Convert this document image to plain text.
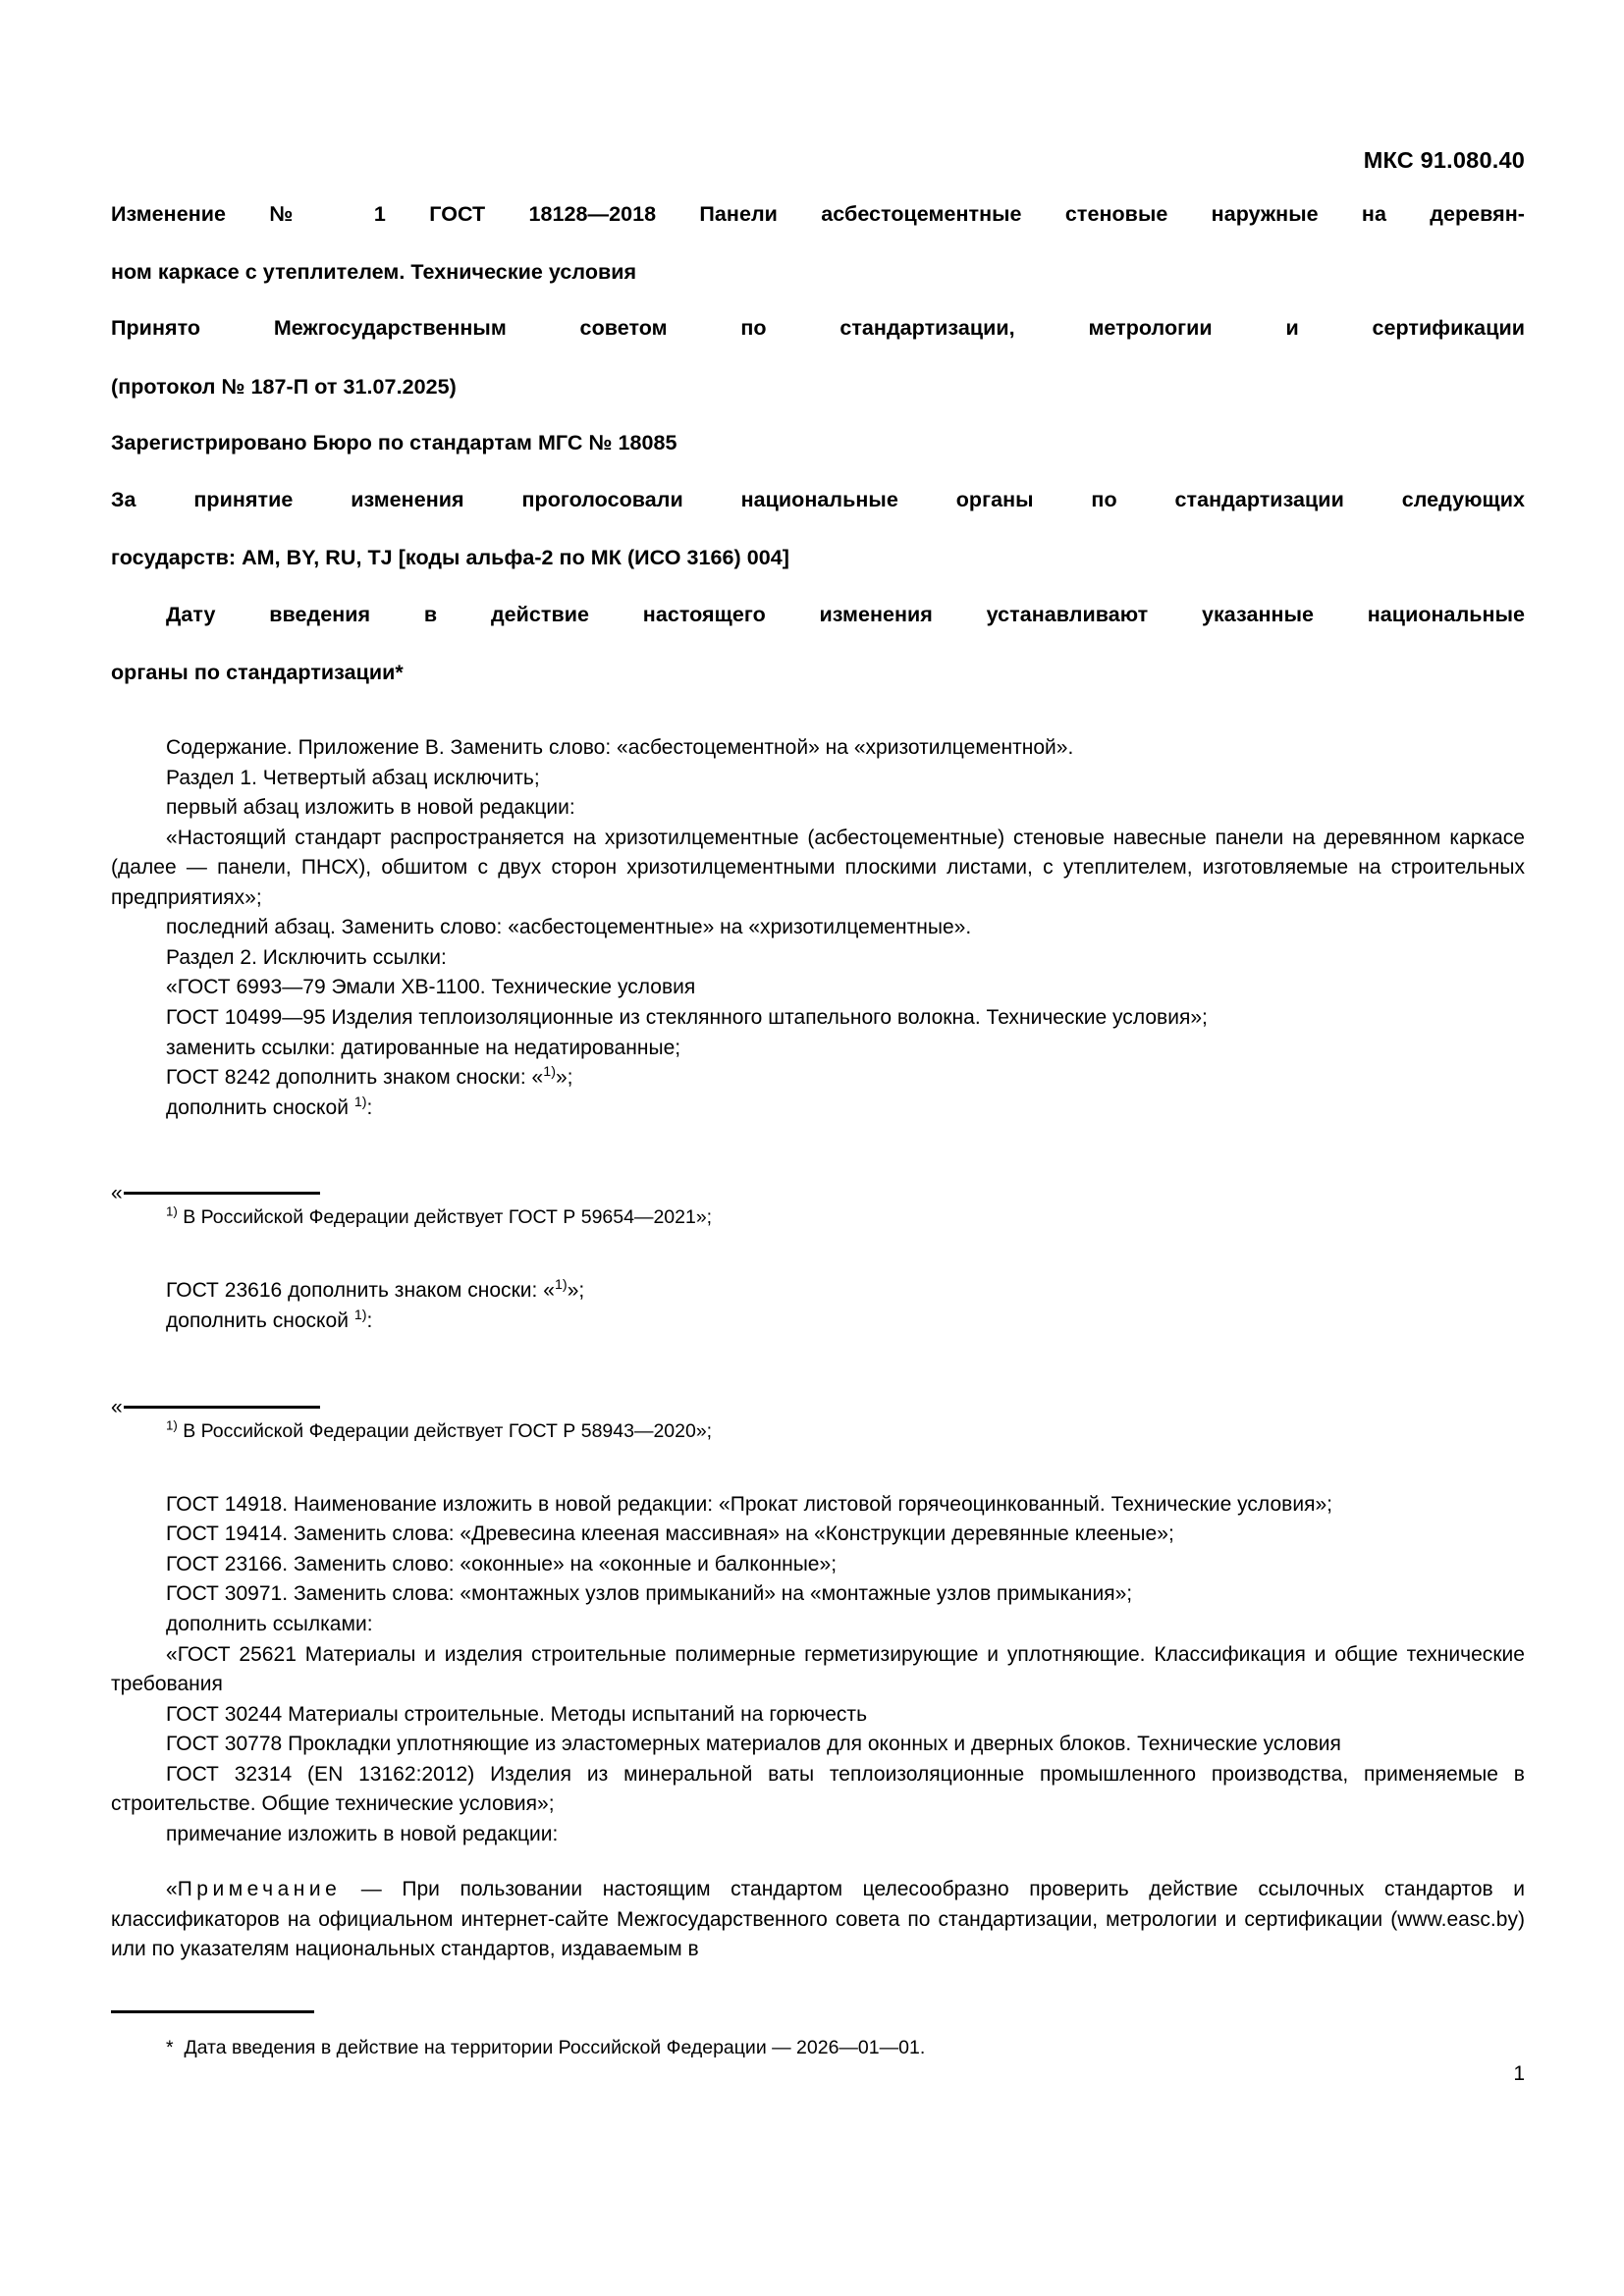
МКС 91.080.40
Изменение № 1 ГОСТ 18128—2018 Панели асбестоцементные стеновые наружные на деревян-ном каркасе с утеплителем. Технические условия
Принято Межгосударственным советом по стандартизации, метрологии и сертификации(протокол № 187-П от 31.07.2025)
Зарегистрировано Бюро по стандартам МГС № 18085
За принятие изменения проголосовали национальные органы по стандартизации следующихгосударств: AM, BY, RU, TJ [коды альфа-2 по МК (ИСО 3166) 004]
Дату введения в действие настоящего изменения устанавливают указанные национальныеорганы по стандартизации*

Содержание. Приложение В. Заменить слово: «асбестоцементной» на «хризотилцементной».

Раздел 1. Четвертый абзац исключить;

первый абзац изложить в новой редакции:

«Настоящий стандарт распространяется на хризотилцементные (асбестоцементные) стеновые навесные панели на деревянном каркасе (далее — панели, ПНСХ), обшитом с двух сторон хризотилцементными плоскими листами, с утеплителем, изготовляемые на строительных предприятиях»;

последний абзац. Заменить слово: «асбестоцементные» на «хризотилцементные».

Раздел 2. Исключить ссылки:

«ГОСТ 6993—79 Эмали ХВ-1100. Технические условия

ГОСТ 10499—95 Изделия теплоизоляционные из стеклянного штапельного волокна. Технические условия»;

заменить ссылки: датированные на недатированные;

ГОСТ 8242 дополнить знаком сноски: «$^{1)}$»;

дополнить сноской $^{1)}$:

«

$^{1)}$ В Российской Федерации действует ГОСТ Р 59654—2021»;

ГОСТ 23616 дополнить знаком сноски: «$^{1)}$»;

дополнить сноской $^{1)}$:

«

$^{1)}$ В Российской Федерации действует ГОСТ Р 58943—2020»;

ГОСТ 14918. Наименование изложить в новой редакции: «Прокат листовой горячеоцинкованный. Технические условия»;

ГОСТ 19414. Заменить слова: «Древесина клееная массивная» на «Конструкции деревянные клееные»;

ГОСТ 23166. Заменить слово: «оконные» на «оконные и балконные»;

ГОСТ 30971. Заменить слова: «монтажных узлов примыканий» на «монтажные узлов примыкания»;

дополнить ссылками:

«ГОСТ 25621 Материалы и изделия строительные полимерные герметизирующие и уплотняющие. Классификация и общие технические требования

ГОСТ 30244 Материалы строительные. Методы испытаний на горючесть

ГОСТ 30778 Прокладки уплотняющие из эластомерных материалов для оконных и дверных блоков. Технические условия

ГОСТ 32314 (EN 13162:2012) Изделия из минеральной ваты теплоизоляционные промышленного производства, применяемые в строительстве. Общие технические условия»;

примечание изложить в новой редакции:

«Примечание — При пользовании настоящим стандартом целесообразно проверить действие ссылочных стандартов и классификаторов на официальном интернет-сайте Межгосударственного совета по стандартизации, метрологии и сертификации (www.easc.by) или по указателям национальных стандартов, издаваемым в

* Дата введения в действие на территории Российской Федерации — 2026—01—01.

1
